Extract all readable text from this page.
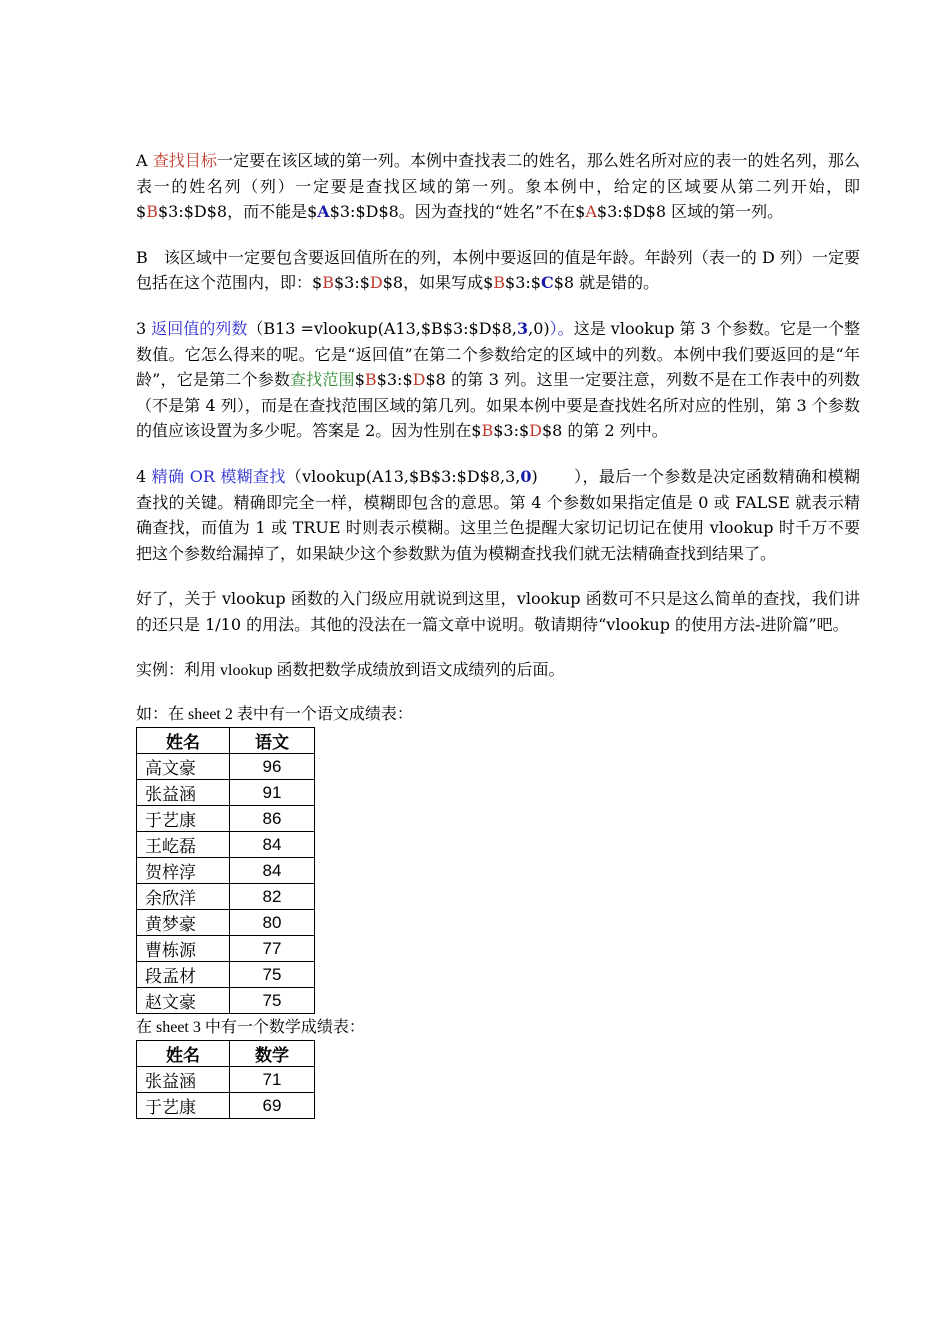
A 查找目标一定要在该区域的第一列。本例中查找表二的姓名，那么姓名所对应的表一的姓名列，那么表一的姓名列（列）一定要是查找区域的第一列。象本例中，给定的区域要从第二列开始，即$B$3:$D$8，而不能是$A$3:$D$8。因为查找的“姓名”不在$A$3:$D$8 区域的第一列。

B　该区域中一定要包含要返回值所在的列，本例中要返回的值是年龄。年龄列（表一的 D 列）一定要包括在这个范围内，即：$B$3:$D$8，如果写成$B$3:$C$8 就是错的。

3 返回值的列数（B13 =vlookup(A13,$B$3:$D$8,3,0)）。这是 vlookup 第 3 个参数。它是一个整数值。它怎么得来的呢。它是“返回值”在第二个参数给定的区域中的列数。本例中我们要返回的是“年龄”，它是第二个参数查找范围$B$3:$D$8 的第 3 列。这里一定要注意，列数不是在工作表中的列数（不是第 4 列），而是在查找范围区域的第几列。如果本例中要是查找姓名所对应的性别，第 3 个参数的值应该设置为多少呢。答案是 2。因为性别在$B$3:$D$8 的第 2 列中。

4 精确 OR 模糊查找（vlookup(A13,$B$3:$D$8,3,0) ），最后一个参数是决定函数精确和模糊查找的关键。精确即完全一样，模糊即包含的意思。第 4 个参数如果指定值是 0 或 FALSE 就表示精确查找，而值为 1 或 TRUE 时则表示模糊。这里兰色提醒大家切记切记在使用 vlookup 时千万不要把这个参数给漏掉了，如果缺少这个参数默为值为模糊查找我们就无法精确查找到结果了。

好了，关于 vlookup 函数的入门级应用就说到这里，vlookup 函数可不只是这么简单的查找，我们讲的还只是 1/10 的用法。其他的没法在一篇文章中说明。敬请期待“vlookup 的使用方法-进阶篇”吧。

实例：利用 vlookup 函数把数学成绩放到语文成绩列的后面。

如：在 sheet 2 表中有一个语文成绩表：

姓名	语文
高文豪	96
张益涵	91
于艺康	86
王屹磊	84
贺梓淳	84
余欣洋	82
黄梦豪	80
曹栋源	77
段孟材	75
赵文豪	75

在 sheet 3 中有一个数学成绩表：

姓名	数学
张益涵	71
于艺康	69
